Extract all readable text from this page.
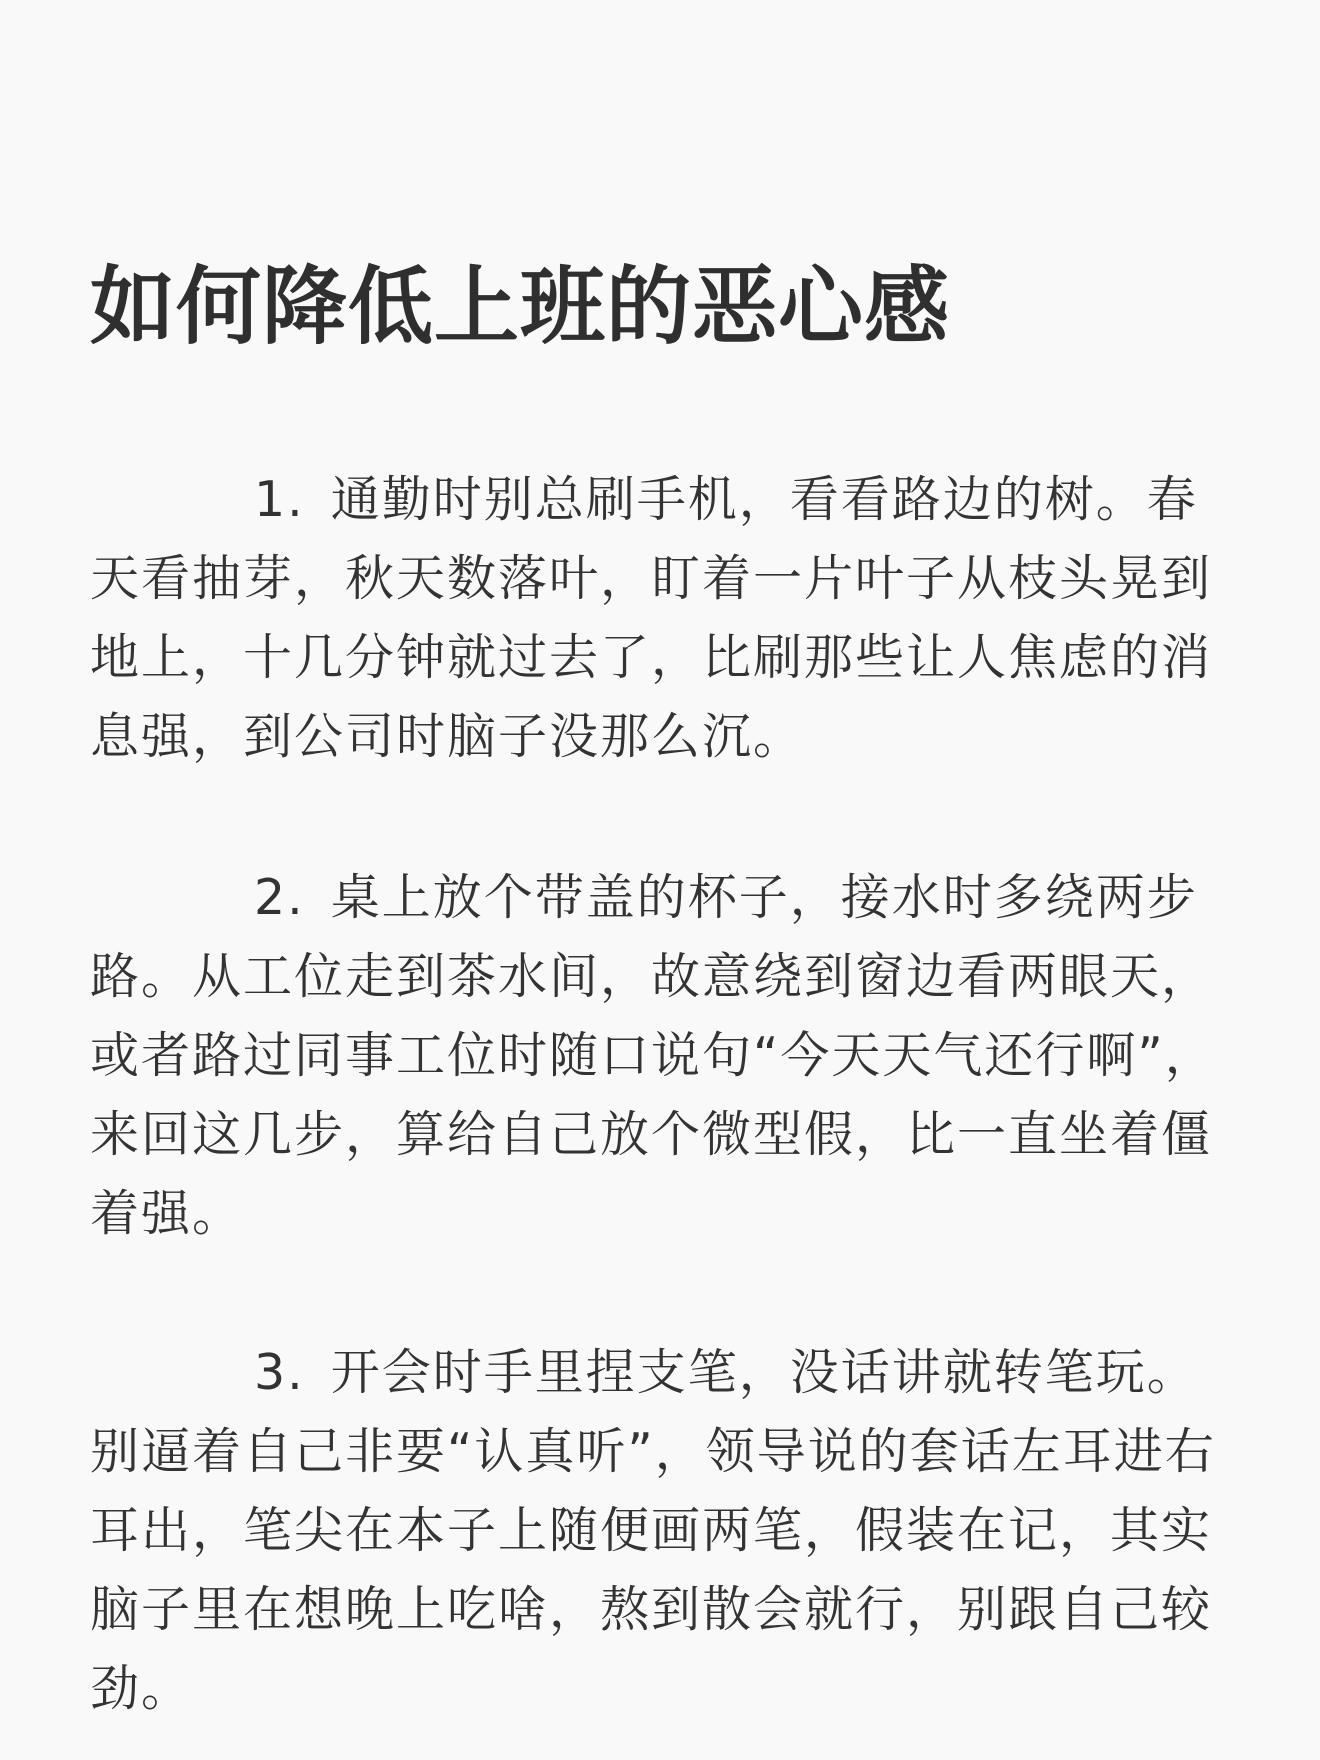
如何降低上班的恶心感

1. 通勤时别总刷手机，看看路边的树。春天看抽芽，秋天数落叶，盯着一片叶子从枝头晃到地上，十几分钟就过去了，比刷那些让人焦虑的消息强，到公司时脑子没那么沉。

2. 桌上放个带盖的杯子，接水时多绕两步路。从工位走到茶水间，故意绕到窗边看两眼天，或者路过同事工位时随口说句“今天天气还行啊”，来回这几步，算给自己放个微型假，比一直坐着僵着强。

3. 开会时手里捏支笔，没话讲就转笔玩。别逼着自己非要“认真听”，领导说的套话左耳进右耳出，笔尖在本子上随便画两笔，假装在记，其实脑子里在想晚上吃啥，熬到散会就行，别跟自己较劲。
